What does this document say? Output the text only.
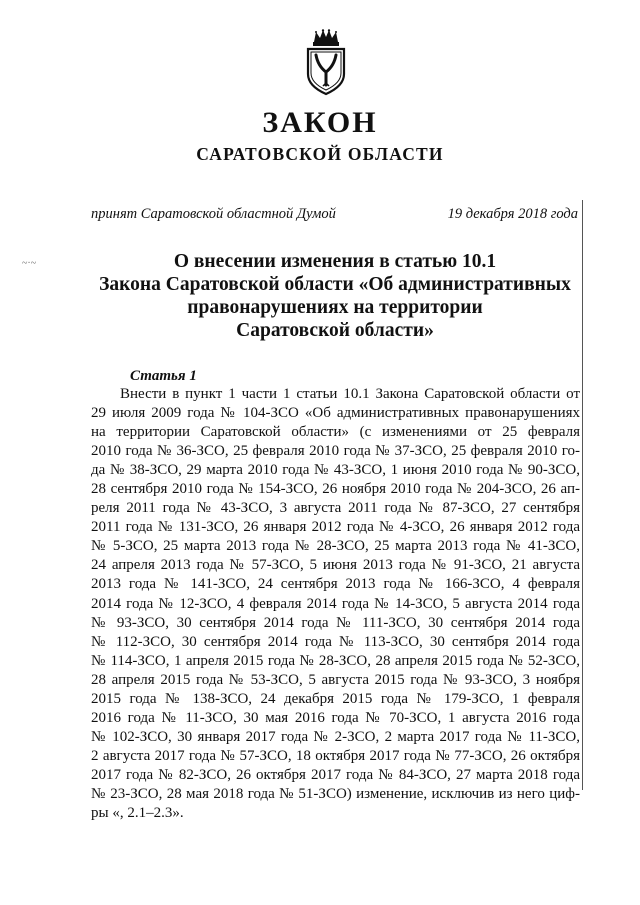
ЗАКОН
САРАТОВСКОЙ ОБЛАСТИ
принят Саратовской областной Думой	19 декабря 2018 года
О внесении изменения в статью 10.1
Закона Саратовской области «Об административных
правонарушениях на территории
Саратовской области»
Статья 1
Внести в пункт 1 части 1 статьи 10.1 Закона Саратовской области от
29 июля 2009 года № 104-ЗСО «Об административных правонарушениях
на территории Саратовской области» (с изменениями от 25 февраля
2010 года № 36-ЗСО, 25 февраля 2010 года № 37-ЗСО, 25 февраля 2010 го-
да № 38-ЗСО, 29 марта 2010 года № 43-ЗСО, 1 июня 2010 года № 90-ЗСО,
28 сентября 2010 года № 154-ЗСО, 26 ноября 2010 года № 204-ЗСО, 26 ап-
реля 2011 года № 43-ЗСО, 3 августа 2011 года № 87-ЗСО, 27 сентября
2011 года № 131-ЗСО, 26 января 2012 года № 4-ЗСО, 26 января 2012 года
№ 5-ЗСО, 25 марта 2013 года № 28-ЗСО, 25 марта 2013 года № 41-ЗСО,
24 апреля 2013 года № 57-ЗСО, 5 июня 2013 года № 91-ЗСО, 21 августа
2013 года № 141-ЗСО, 24 сентября 2013 года № 166-ЗСО, 4 февраля
2014 года № 12-ЗСО, 4 февраля 2014 года № 14-ЗСО, 5 августа 2014 года
№ 93-ЗСО, 30 сентября 2014 года № 111-ЗСО, 30 сентября 2014 года
№ 112-ЗСО, 30 сентября 2014 года № 113-ЗСО, 30 сентября 2014 года
№ 114-ЗСО, 1 апреля 2015 года № 28-ЗСО, 28 апреля 2015 года № 52-ЗСО,
28 апреля 2015 года № 53-ЗСО, 5 августа 2015 года № 93-ЗСО, 3 ноября
2015 года № 138-ЗСО, 24 декабря 2015 года № 179-ЗСО, 1 февраля
2016 года № 11-ЗСО, 30 мая 2016 года № 70-ЗСО, 1 августа 2016 года
№ 102-ЗСО, 30 января 2017 года № 2-ЗСО, 2 марта 2017 года № 11-ЗСО,
2 августа 2017 года № 57-ЗСО, 18 октября 2017 года № 77-ЗСО, 26 октября
2017 года № 82-ЗСО, 26 октября 2017 года № 84-ЗСО, 27 марта 2018 года
№ 23-ЗСО, 28 мая 2018 года № 51-ЗСО) изменение, исключив из него циф-
ры «, 2.1–2.3».
~·~
